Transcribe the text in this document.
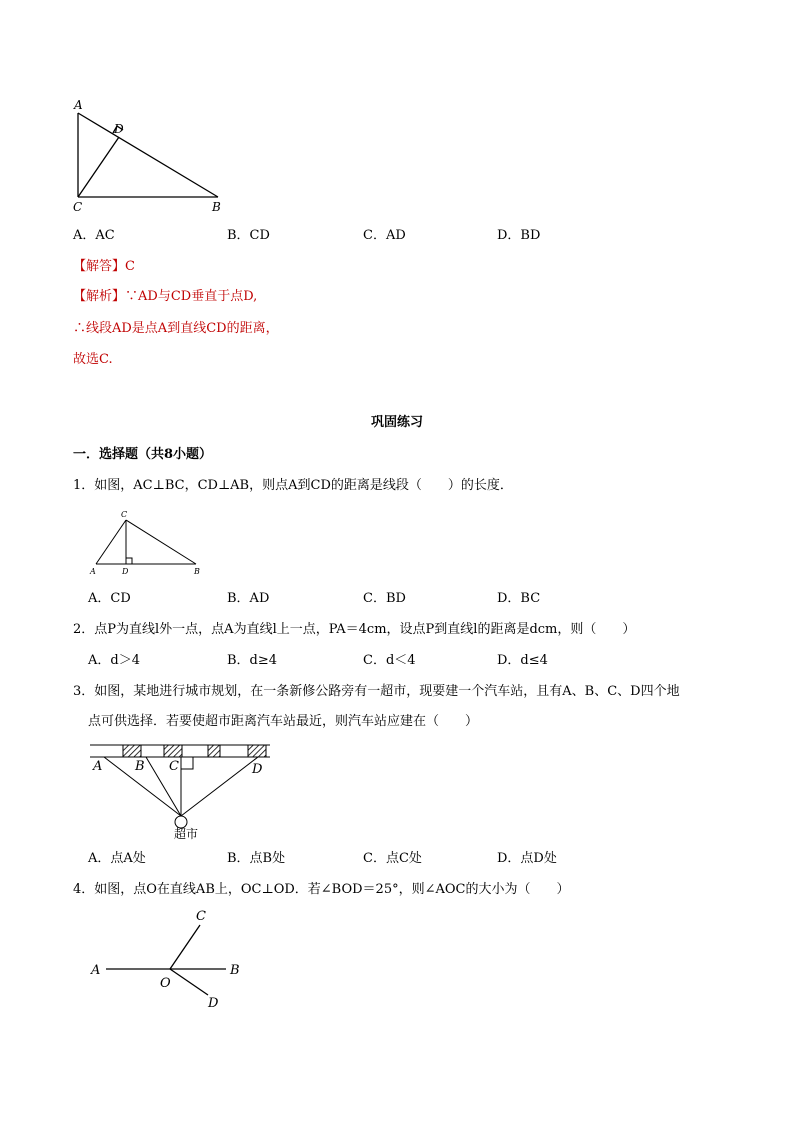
A
D
C	B
A．AC	B．CD	C．AD	D．BD
【解答】C
【解析】∵AD与CD垂直于点D,
∴线段AD是点A到直线CD的距离，
故选C.
巩固练习
一．选择题（共8小题）
1．如图，AC⊥BC，CD⊥AB，则点A到CD的距离是线段（　　）的长度．
C
A	D	B
A．CD	B．AD	C．BD	D．BC
2．点P为直线l外一点，点A为直线l上一点，PA＝4cm，设点P到直线l的距离是dcm，则（　　）
A．d＞4	B．d≥4	C．d＜4	D．d≤4
3．如图，某地进行城市规划，在一条新修公路旁有一超市，现要建一个汽车站，且有A、B、C、D四个地
点可供选择．若要使超市距离汽车站最近，则汽车站应建在（　　）
A	B C	D
超市
A．点A处	B．点B处	C．点C处	D．点D处
4．如图，点O在直线AB上，OC⊥OD．若∠BOD＝25°，则∠AOC的大小为（　　）
C
A	B
O
D
